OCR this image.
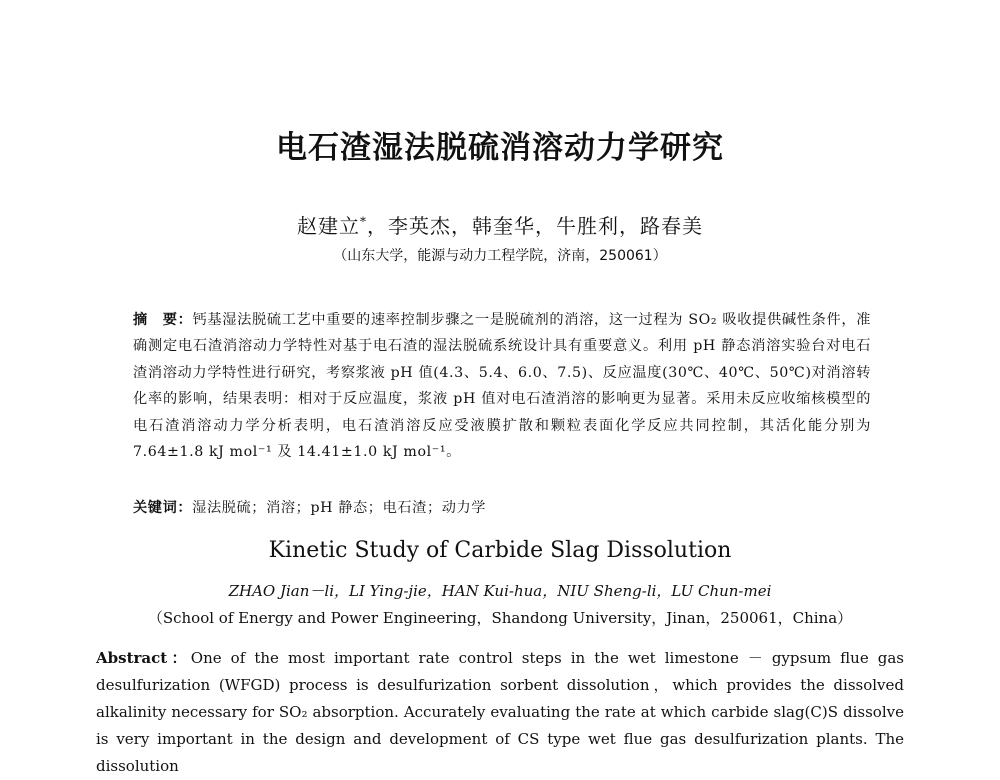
电石渣湿法脱硫消溶动力学研究
赵建立*，李英杰，韩奎华，牛胜利，路春美
（山东大学，能源与动力工程学院，济南，250061）
摘　要：钙基湿法脱硫工艺中重要的速率控制步骤之一是脱硫剂的消溶，这一过程为 SO₂ 吸收提供碱性条件，准确测定电石渣消溶动力学特性对基于电石渣的湿法脱硫系统设计具有重要意义。利用 pH 静态消溶实验台对电石渣消溶动力学特性进行研究，考察浆液 pH 值(4.3、5.4、6.0、7.5)、反应温度(30℃、40℃、50℃)对消溶转化率的影响，结果表明：相对于反应温度，浆液 pH 值对电石渣消溶的影响更为显著。采用未反应收缩核模型的电石渣消溶动力学分析表明，电石渣消溶反应受液膜扩散和颗粒表面化学反应共同控制，其活化能分别为 7.64±1.8 kJ mol⁻¹ 及 14.41±1.0 kJ mol⁻¹。
关键词：湿法脱硫；消溶；pH 静态；电石渣；动力学
Kinetic Study of Carbide Slag Dissolution
ZHAO Jian－li，LI Ying-jie，HAN Kui-hua，NIU Sheng-li，LU Chun-mei
（School of Energy and Power Engineering，Shandong University，Jinan，250061，China）
Abstract：One of the most important rate control steps in the wet limestone － gypsum flue gas desulfurization (WFGD) process is desulfurization sorbent dissolution，which provides the dissolved alkalinity necessary for SO₂ absorption. Accurately evaluating the rate at which carbide slag(C)S dissolve is very important in the design and development of CS type wet flue gas desulfurization plants. The dissolution
